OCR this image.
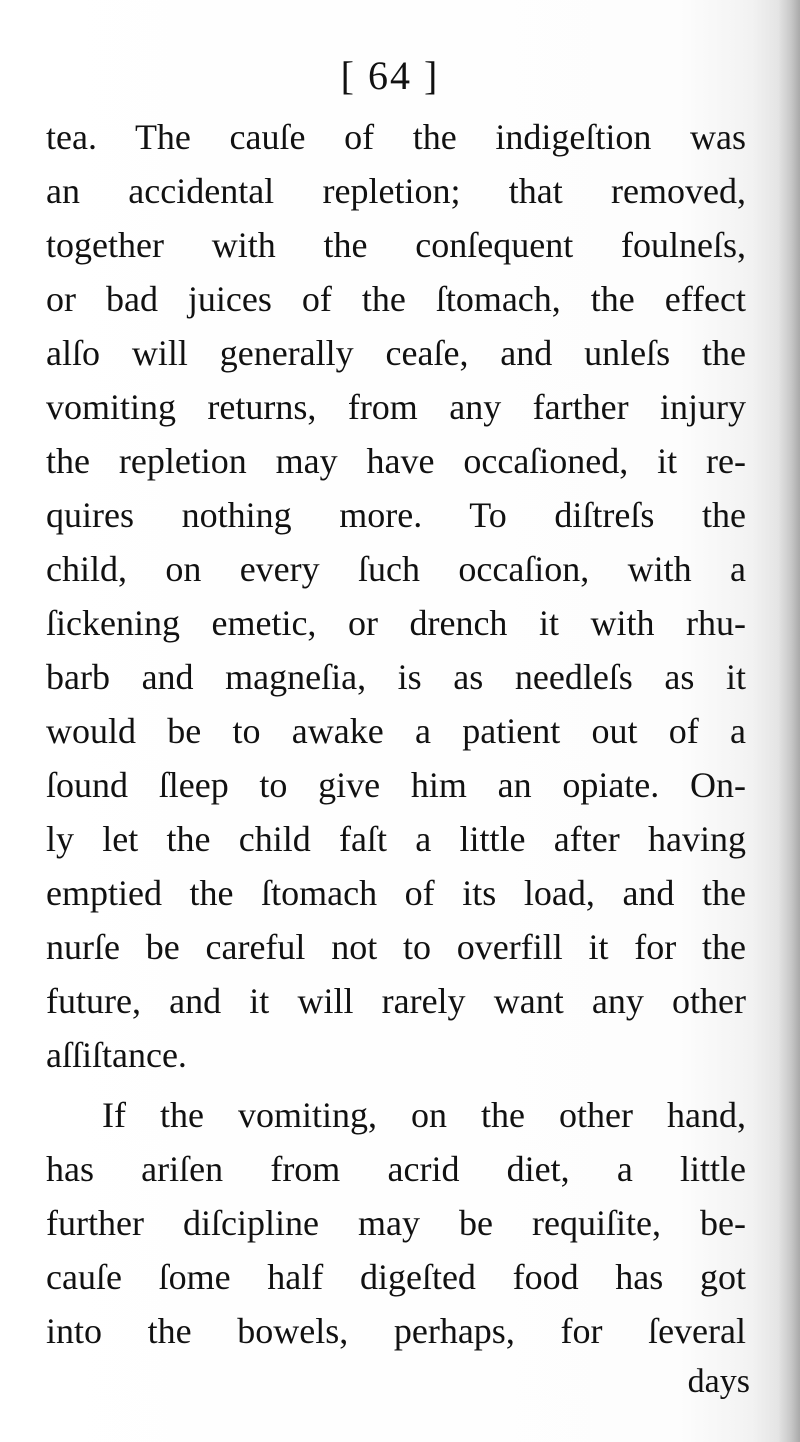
[ 64 ]
tea. The cauſe of the indigeſtion was
an accidental repletion; that removed,
together with the conſequent foulneſs,
or bad juices of the ſtomach, the effect
alſo will generally ceaſe, and unleſs the
vomiting returns, from any farther injury
the repletion may have occaſioned, it re-
quires nothing more. To diſtreſs the
child, on every ſuch occaſion, with a
ſickening emetic, or drench it with rhu-
barb and magneſia, is as needleſs as it
would be to awake a patient out of a
ſound ſleep to give him an opiate. On-
ly let the child faſt a little after having
emptied the ſtomach of its load, and the
nurſe be careful not to overfill it for the
future, and it will rarely want any other
aſſiſtance.
If the vomiting, on the other hand,
has ariſen from acrid diet, a little
further diſcipline may be requiſite, be-
cauſe ſome half digeſted food has got
into the bowels, perhaps, for ſeveral
days
